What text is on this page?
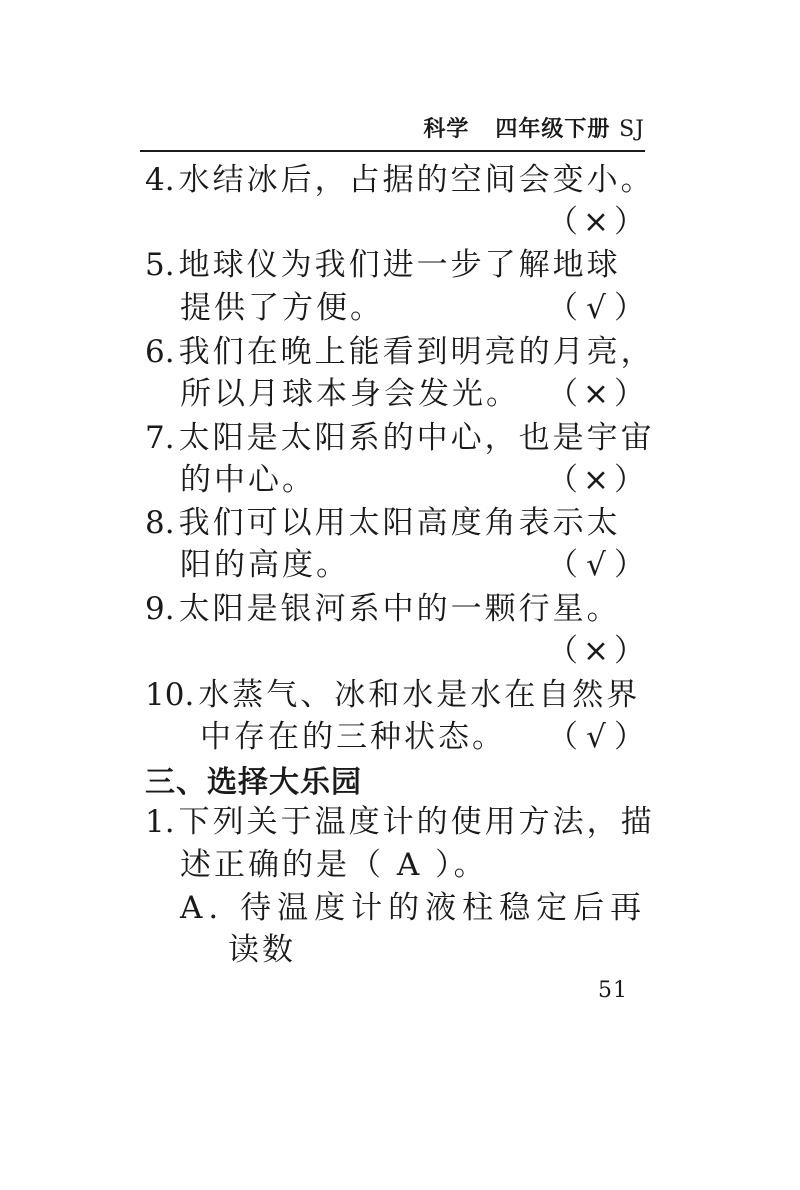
科学 四年级下册 SJ
4. 水结冰后，占据的空间会变小。
（ × ）
5. 地球仪为我们进一步了解地球
提供了方便。	（ √ ）
6. 我们在晚上能看到明亮的月亮，
所以月球本身会发光。 （ × ）
7. 太阳是太阳系的中心，也是宇宙
的中心。	（ × ）
8. 我们可以用太阳高度角表示太
阳的高度。	（ √ ）
9. 太阳是银河系中的一颗行星。
（ × ）
10. 水蒸气、冰和水是水在自然界
中存在的三种状态。 （ √ ）
三、选择大乐园
1. 下列关于温度计的使用方法，描
述正确的是（ A ）。
A. 待温度计的液柱稳定后再
读数
51
